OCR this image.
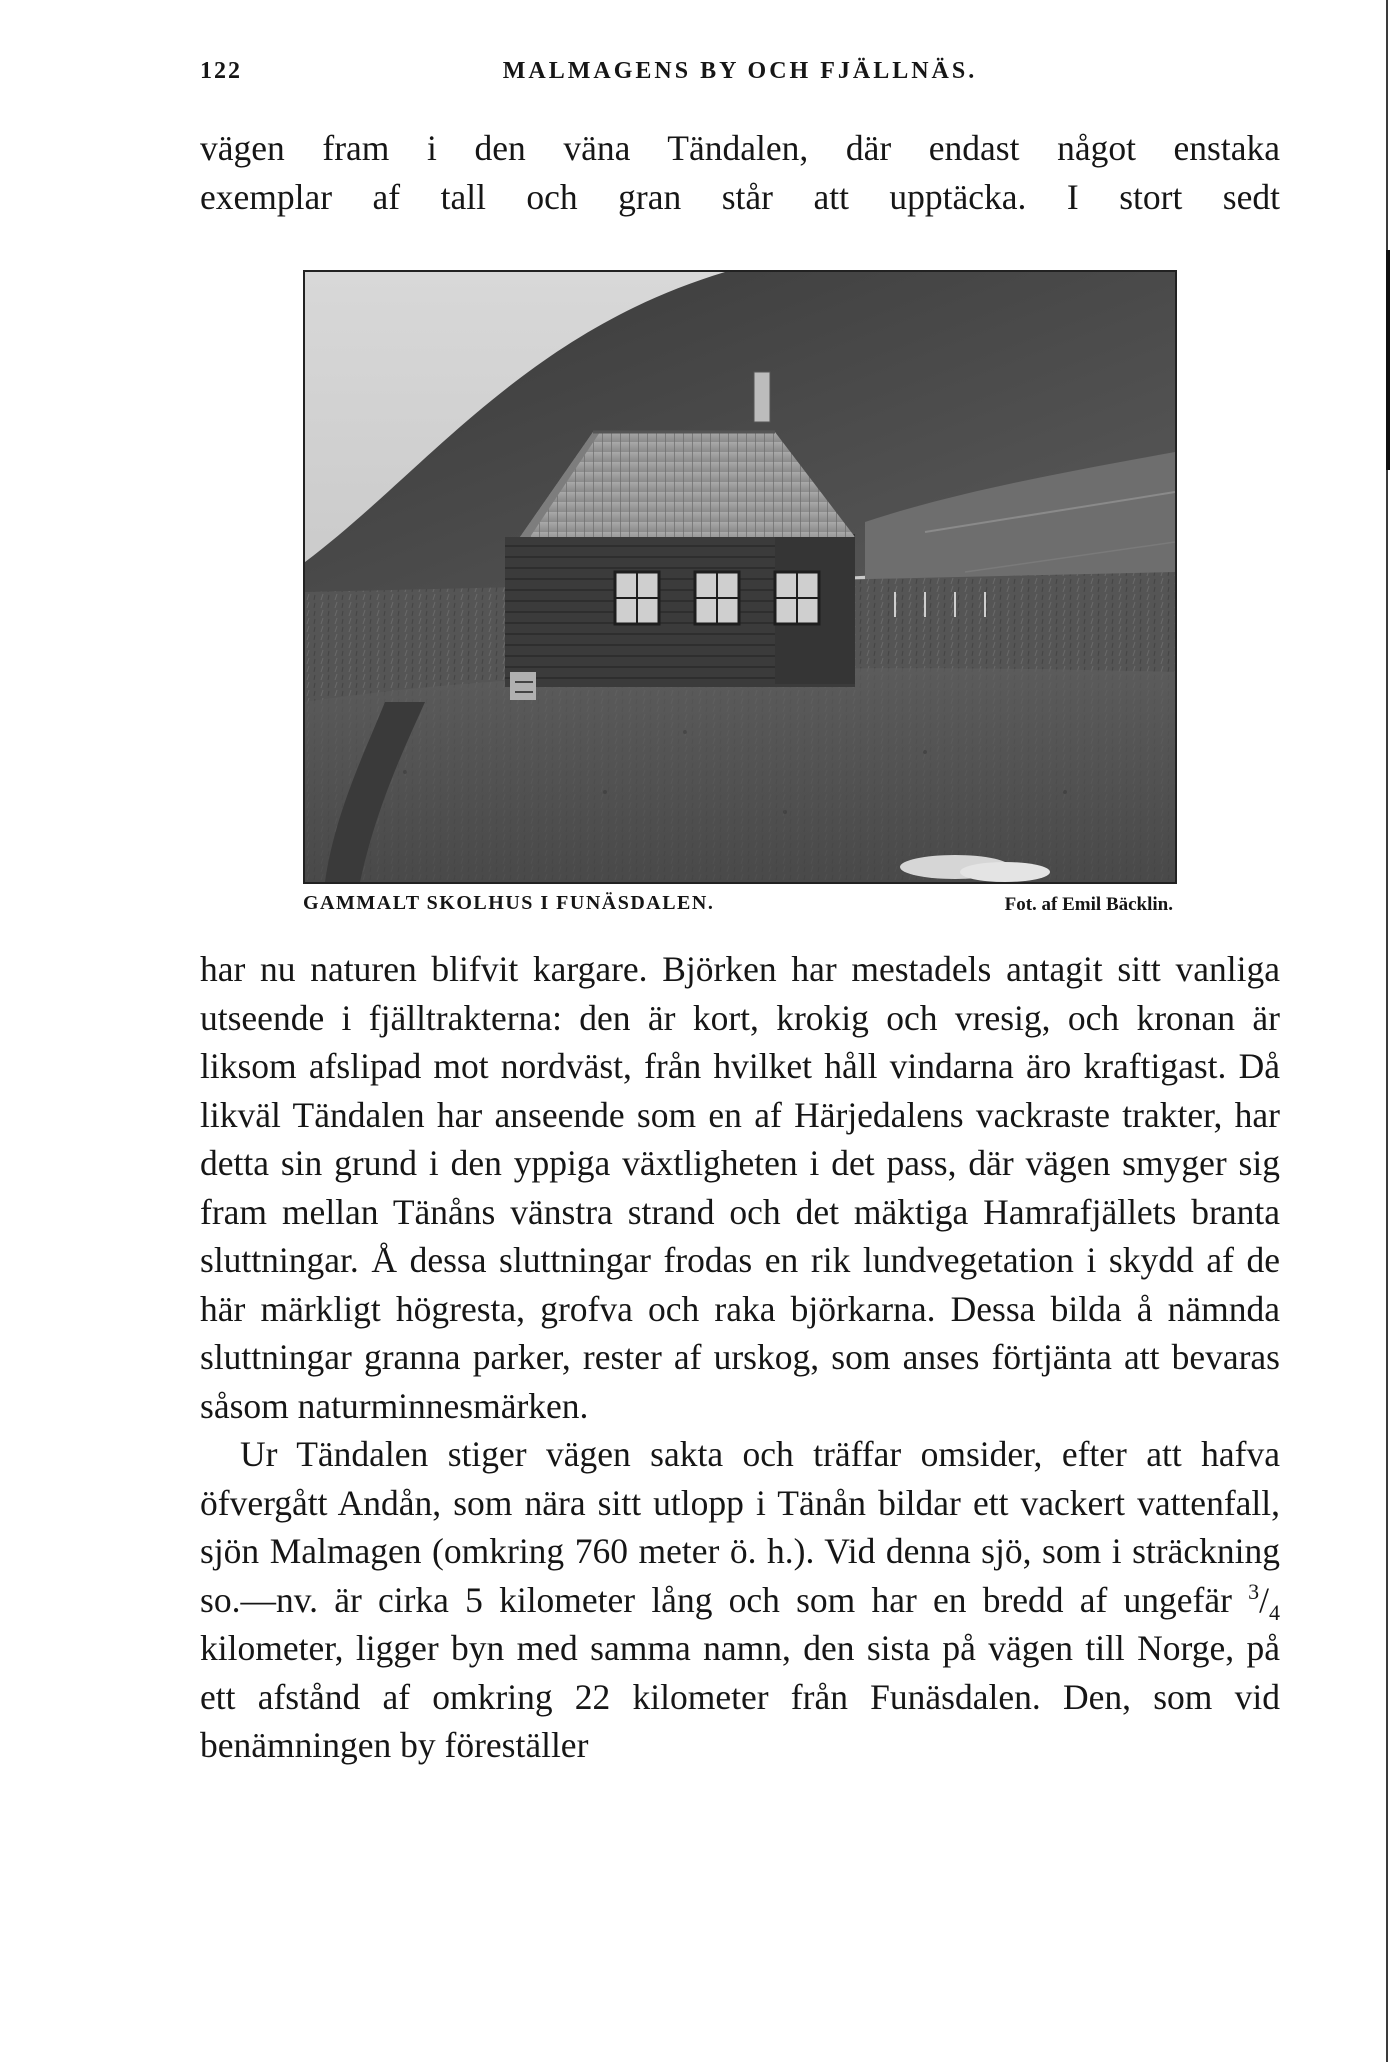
122	MALMAGENS BY OCH FJÄLLNÄS.

vägen fram i den väna Tändalen, där endast något enstaka

exemplar af tall och gran står att upptäcka. I stort sedt

GAMMALT SKOLHUS I FUNÄSDALEN.	Fot. af Emil Bäcklin.

har nu naturen blifvit kargare. Björken har mestadels antagit sitt vanliga utseende i fjälltrakterna: den är kort, krokig och vresig, och kronan är liksom afslipad mot nordväst, från hvilket håll vindarna äro kraftigast. Då likväl Tändalen har anseende som en af Härjedalens vackraste trakter, har detta sin grund i den yppiga växtligheten i det pass, där vägen smyger sig fram mellan Tänåns vänstra strand och det mäktiga Hamrafjällets branta sluttningar. Å dessa sluttningar frodas en rik lundvegetation i skydd af de här märkligt högresta, grofva och raka björkarna. Dessa bilda å nämnda sluttningar granna parker, rester af urskog, som anses förtjänta att bevaras såsom naturminnesmärken.

Ur Tändalen stiger vägen sakta och träffar omsider, efter att hafva öfvergått Andån, som nära sitt utlopp i Tänån bildar ett vackert vattenfall, sjön Malmagen (omkring 760 meter ö. h.). Vid denna sjö, som i sträckning so.—nv. är cirka 5 kilometer lång och som har en bredd af ungefär $^3/_4$ kilometer, ligger byn med samma namn, den sista på vägen till Norge, på ett afstånd af omkring 22 kilometer från Funäsdalen. Den, som vid benämningen by föreställer
